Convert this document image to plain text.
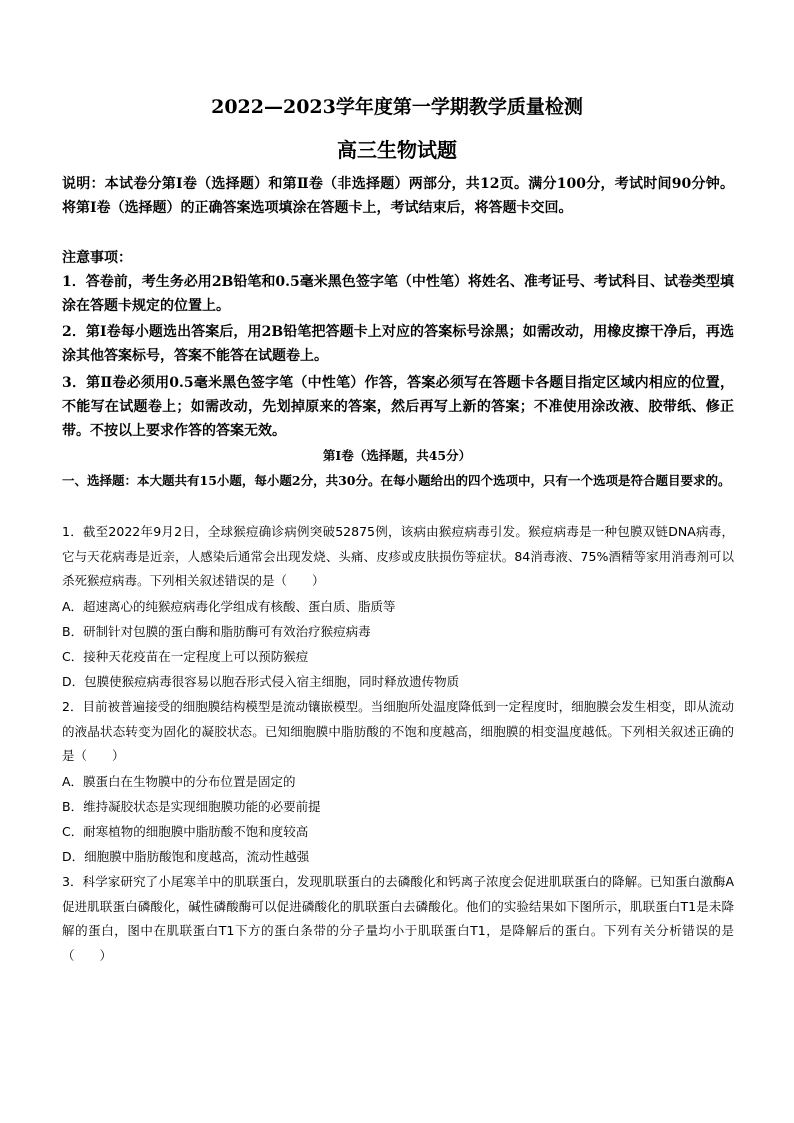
2022—2023学年度第一学期教学质量检测
高三生物试题
说明：本试卷分第Ⅰ卷（选择题）和第Ⅱ卷（非选择题）两部分，共12页。满分100分，考试时间90分钟。将第Ⅰ卷（选择题）的正确答案选项填涂在答题卡上，考试结束后，将答题卡交回。
注意事项：
1．答卷前，考生务必用2B铅笔和0.5毫米黑色签字笔（中性笔）将姓名、准考证号、考试科目、试卷类型填涂在答题卡规定的位置上。
2．第Ⅰ卷每小题选出答案后，用2B铅笔把答题卡上对应的答案标号涂黑；如需改动，用橡皮擦干净后，再选涂其他答案标号，答案不能答在试题卷上。
3．第Ⅱ卷必须用0.5毫米黑色签字笔（中性笔）作答，答案必须写在答题卡各题目指定区域内相应的位置，不能写在试题卷上；如需改动，先划掉原来的答案，然后再写上新的答案；不准使用涂改液、胶带纸、修正带。不按以上要求作答的答案无效。
第Ⅰ卷（选择题，共45分）
一、选择题：本大题共有15小题，每小题2分，共30分。在每小题给出的四个选项中，只有一个选项是符合题目要求的。
1．截至2022年9月2日，全球猴痘确诊病例突破52875例，该病由猴痘病毒引发。猴痘病毒是一种包膜双链DNA病毒，它与天花病毒是近亲，人感染后通常会出现发烧、头痛、皮疹或皮肤损伤等症状。84消毒液、75%酒精等家用消毒剂可以杀死猴痘病毒。下列相关叙述错误的是（　　）
A．超速离心的纯猴痘病毒化学组成有核酸、蛋白质、脂质等
B．研制针对包膜的蛋白酶和脂肪酶可有效治疗猴痘病毒
C．接种天花疫苗在一定程度上可以预防猴痘
D．包膜使猴痘病毒很容易以胞吞形式侵入宿主细胞，同时释放遗传物质
2．目前被普遍接受的细胞膜结构模型是流动镶嵌模型。当细胞所处温度降低到一定程度时，细胞膜会发生相变，即从流动的液晶状态转变为固化的凝胶状态。已知细胞膜中脂肪酸的不饱和度越高，细胞膜的相变温度越低。下列相关叙述正确的是（　　）
A．膜蛋白在生物膜中的分布位置是固定的
B．维持凝胶状态是实现细胞膜功能的必要前提
C．耐寒植物的细胞膜中脂肪酸不饱和度较高
D．细胞膜中脂肪酸饱和度越高，流动性越强
3．科学家研究了小尾寒羊中的肌联蛋白，发现肌联蛋白的去磷酸化和钙离子浓度会促进肌联蛋白的降解。已知蛋白激酶A促进肌联蛋白磷酸化，碱性磷酸酶可以促进磷酸化的肌联蛋白去磷酸化。他们的实验结果如下图所示，肌联蛋白T1是未降解的蛋白，图中在肌联蛋白T1下方的蛋白条带的分子量均小于肌联蛋白T1，是降解后的蛋白。下列有关分析错误的是（　　）
